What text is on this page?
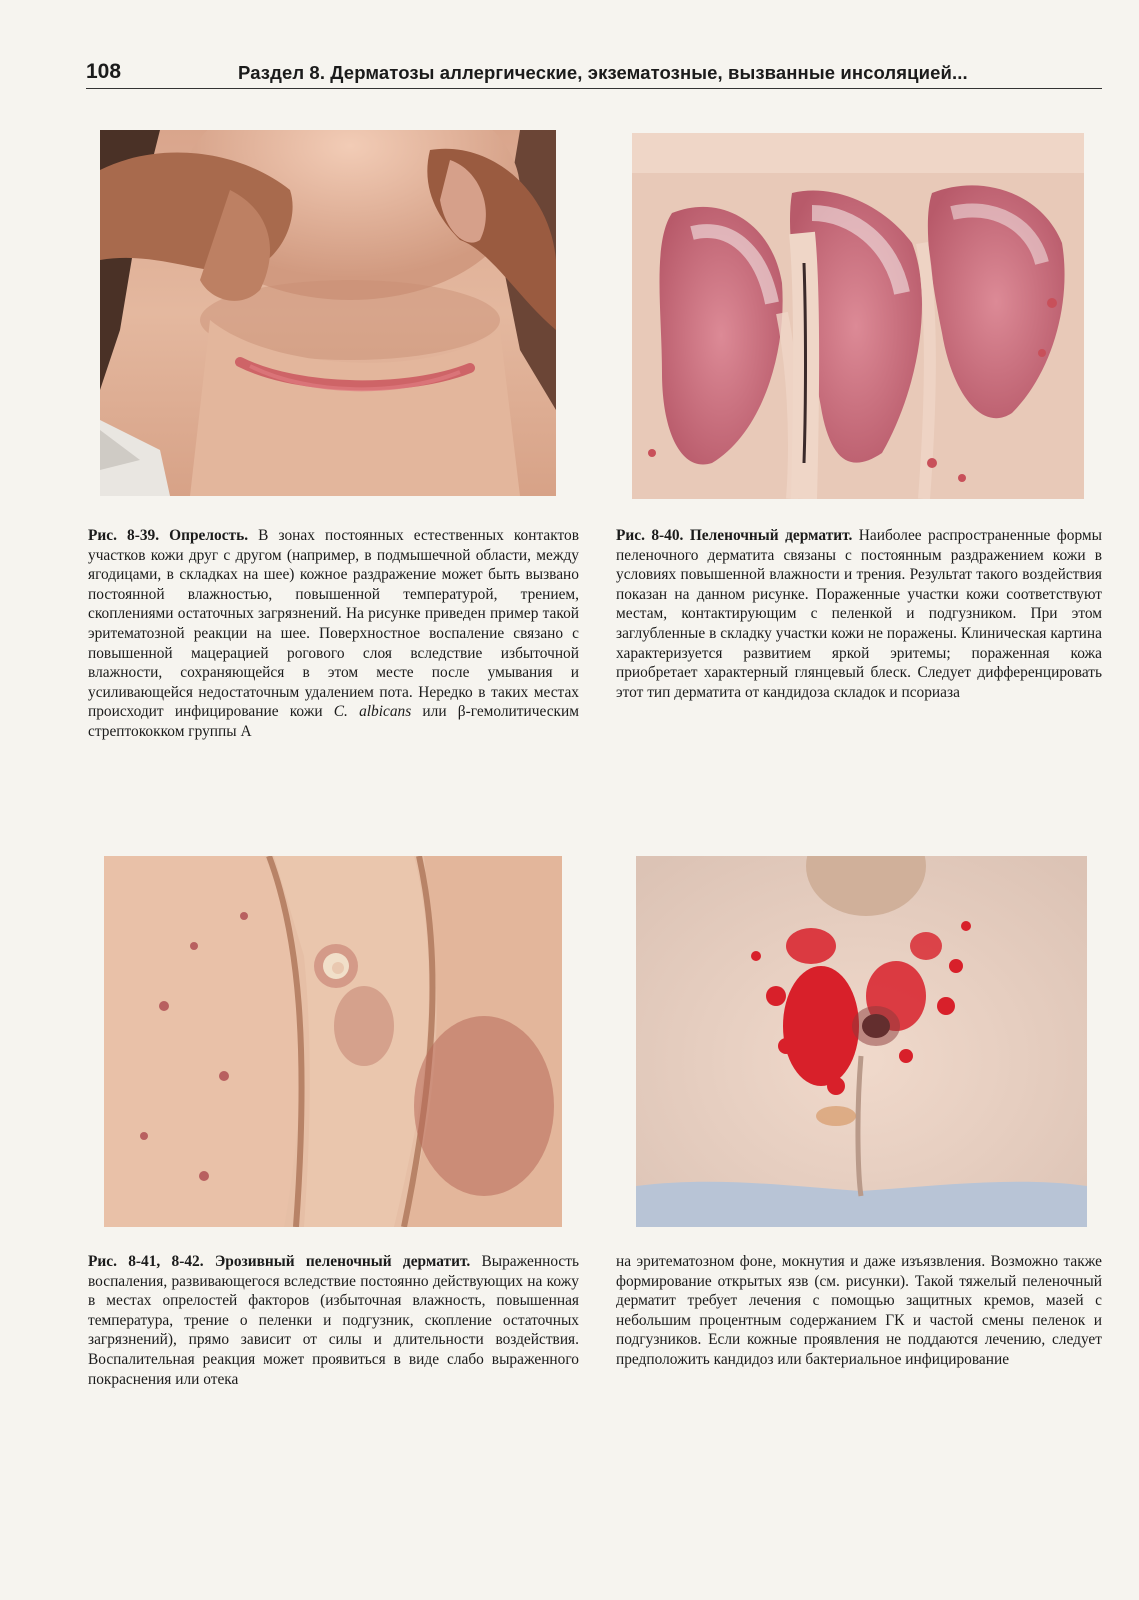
108	Раздел 8. Дерматозы аллергические, экзематозные, вызванные инсоляцией...

Рис. 8-39. Опрелость. В зонах постоянных естественных контактов участков кожи друг с другом (например, в подмышечной области, между ягодицами, в складках на шее) кожное раздражение может быть вызвано постоянной влажностью, повышенной температурой, трением, скоплениями остаточных загрязнений. На рисунке приведен пример такой эритематозной реакции на шее. Поверхностное воспаление связано с повышенной мацерацией рогового слоя вследствие избыточной влажности, сохраняющейся в этом месте после умывания и усиливающейся недостаточным удалением пота. Нередко в таких местах происходит инфицирование кожи C. albicans или β-гемолитическим стрептококком группы А

Рис. 8-40. Пеленочный дерматит. Наиболее распространенные формы пеленочного дерматита связаны с постоянным раздражением кожи в условиях повышенной влажности и трения. Результат такого воздействия показан на данном рисунке. Пораженные участки кожи соответствуют местам, контактирующим с пеленкой и подгузником. При этом заглубленные в складку участки кожи не поражены. Клиническая картина характеризуется развитием яркой эритемы; пораженная кожа приобретает характерный глянцевый блеск. Следует дифференцировать этот тип дерматита от кандидоза складок и псориаза

Рис. 8-41, 8-42. Эрозивный пеленочный дерматит. Выраженность воспаления, развивающегося вследствие постоянно действующих на кожу в местах опрелостей факторов (избыточная влажность, повышенная температура, трение о пеленки и подгузник, скопление остаточных загрязнений), прямо зависит от силы и длительности воздействия. Воспалительная реакция может проявиться в виде слабо выраженного покраснения или отека

на эритематозном фоне, мокнутия и даже изъязвления. Возможно также формирование открытых язв (см. рисунки). Такой тяжелый пеленочный дерматит требует лечения с помощью защитных кремов, мазей с небольшим процентным содержанием ГК и частой смены пеленок и подгузников. Если кожные проявления не поддаются лечению, следует предположить кандидоз или бактериальное инфицирование
